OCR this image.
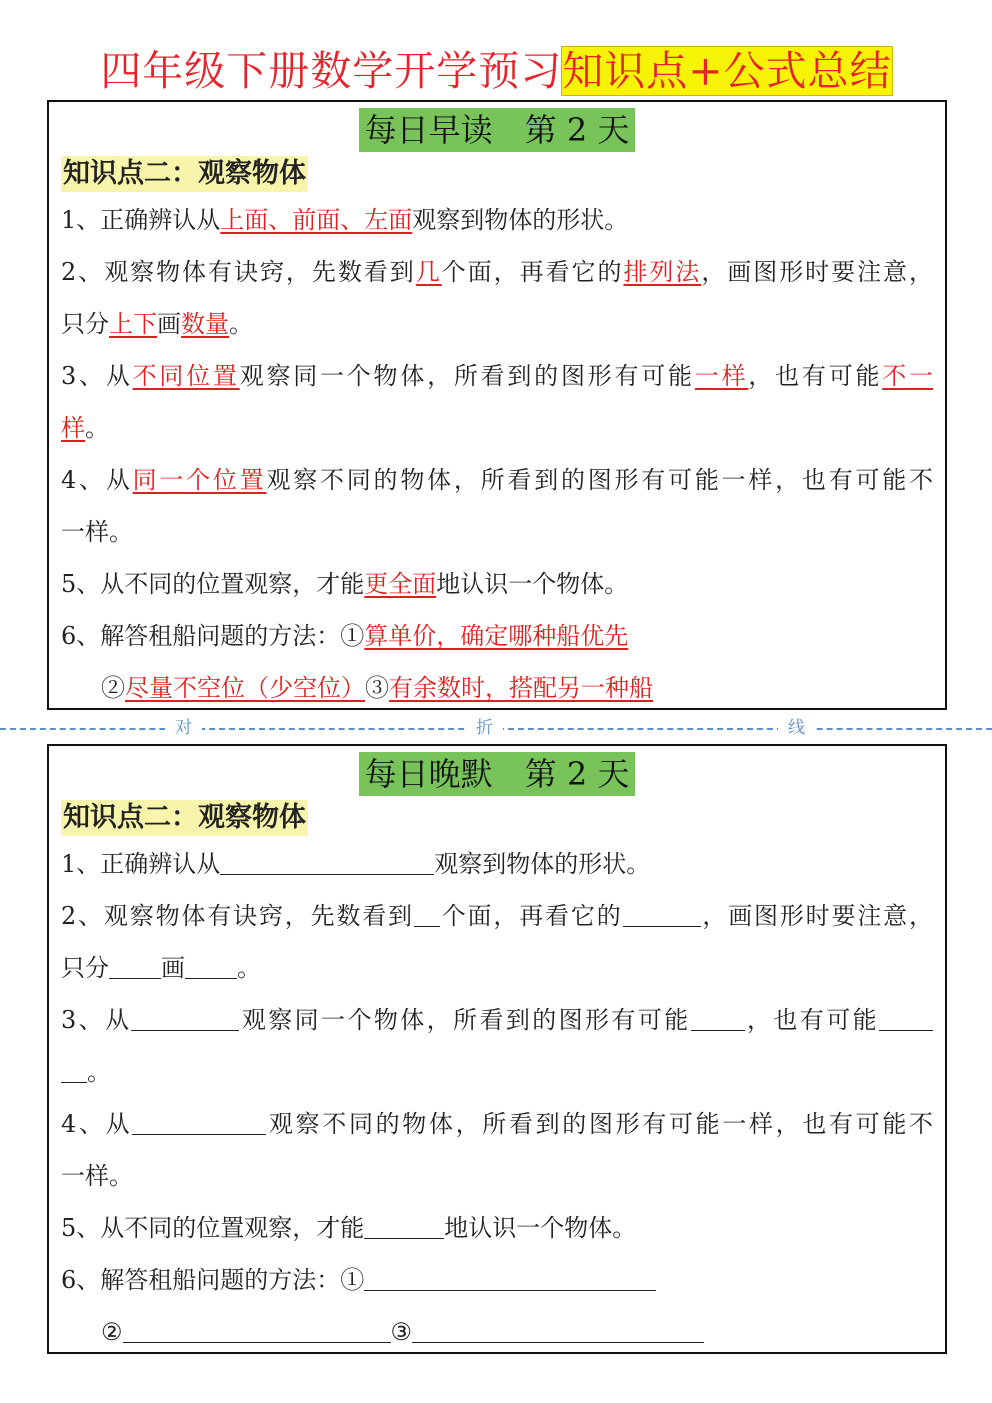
四年级下册数学开学预习知识点+公式总结
每日早读　第 2 天
知识点二：观察物体
1、正确辨认从上面、前面、左面观察到物体的形状。
2、观察物体有诀窍，先数看到几个面，再看它的排列法，画图形时要注意，
只分上下画数量。
3、从不同位置观察同一个物体，所看到的图形有可能一样，也有可能不一
样。
4、从同一个位置观察不同的物体，所看到的图形有可能一样，也有可能不
一样。
5、从不同的位置观察，才能更全面地认识一个物体。
6、解答租船问题的方法：①算单价，确定哪种船优先
②尽量不空位（少空位）③有余数时，搭配另一种船
对	折	线
每日晚默　第 2 天
知识点二：观察物体
1、正确辨认从	观察到物体的形状。
2、观察物体有诀窍，先数看到 个面，再看它的	，画图形时要注意，
只分 画 。
3、从	观察同一个物体，所看到的图形有可能 ，也有可能
。
4、从	观察不同的物体，所看到的图形有可能一样，也有可能不
一样。
5、从不同的位置观察，才能	地认识一个物体。
6、解答租船问题的方法：①
②	③
